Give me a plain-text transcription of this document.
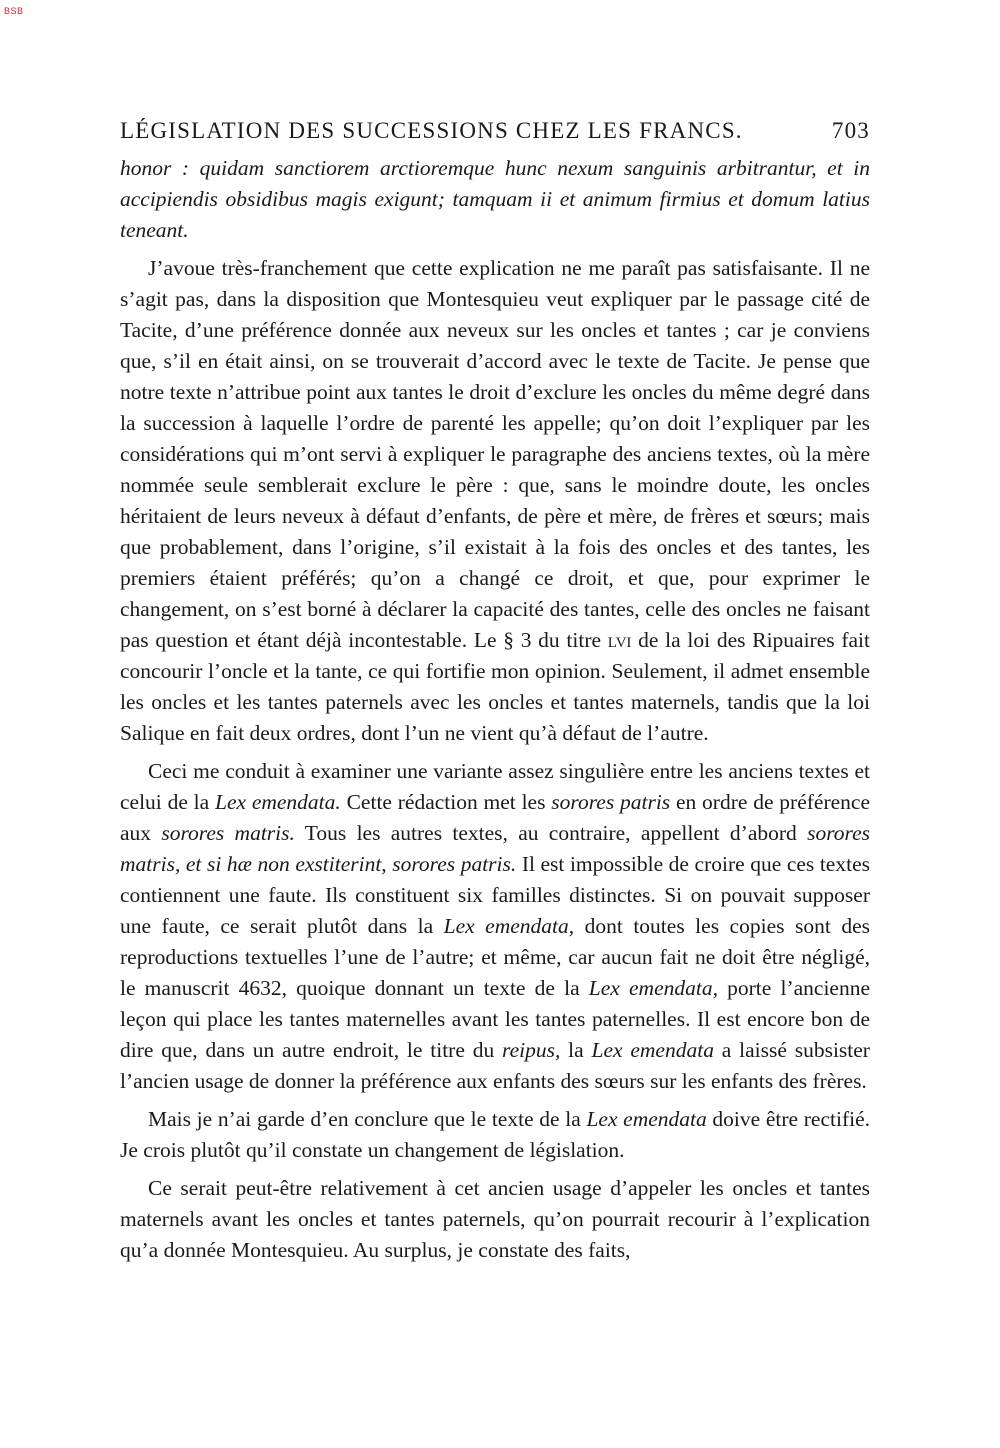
BSB
LÉGISLATION DES SUCCESSIONS CHEZ LES FRANCS.	703

honor : quidam sanctiorem arctioremque hunc nexum sanguinis arbitrantur, et in accipiendis obsidibus magis exigunt; tamquam ii et animum firmius et domum latius teneant.

J’avoue très-franchement que cette explication ne me paraît pas satisfaisante. Il ne s’agit pas, dans la disposition que Montesquieu veut expliquer par le passage cité de Tacite, d’une préférence donnée aux neveux sur les oncles et tantes ; car je conviens que, s’il en était ainsi, on se trouverait d’accord avec le texte de Tacite. Je pense que notre texte n’attribue point aux tantes le droit d’exclure les oncles du même degré dans la succession à laquelle l’ordre de parenté les appelle; qu’on doit l’expliquer par les considérations qui m’ont servi à expliquer le paragraphe des anciens textes, où la mère nommée seule semblerait exclure le père : que, sans le moindre doute, les oncles héritaient de leurs neveux à défaut d’enfants, de père et mère, de frères et sœurs; mais que probablement, dans l’origine, s’il existait à la fois des oncles et des tantes, les premiers étaient préférés; qu’on a changé ce droit, et que, pour exprimer le changement, on s’est borné à déclarer la capacité des tantes, celle des oncles ne faisant pas question et étant déjà incontestable. Le § 3 du titre lvi de la loi des Ripuaires fait concourir l’oncle et la tante, ce qui fortifie mon opinion. Seulement, il admet ensemble les oncles et les tantes paternels avec les oncles et tantes maternels, tandis que la loi Salique en fait deux ordres, dont l’un ne vient qu’à défaut de l’autre.

Ceci me conduit à examiner une variante assez singulière entre les anciens textes et celui de la Lex emendata. Cette rédaction met les sorores patris en ordre de préférence aux sorores matris. Tous les autres textes, au contraire, appellent d’abord sorores matris, et si hæ non exstiterint, sorores patris. Il est impossible de croire que ces textes contiennent une faute. Ils constituent six familles distinctes. Si on pouvait supposer une faute, ce serait plutôt dans la Lex emendata, dont toutes les copies sont des reproductions textuelles l’une de l’autre; et même, car aucun fait ne doit être négligé, le manuscrit 4632, quoique donnant un texte de la Lex emendata, porte l’ancienne leçon qui place les tantes maternelles avant les tantes paternelles. Il est encore bon de dire que, dans un autre endroit, le titre du reipus, la Lex emendata a laissé subsister l’ancien usage de donner la préférence aux enfants des sœurs sur les enfants des frères.

Mais je n’ai garde d’en conclure que le texte de la Lex emendata doive être rectifié. Je crois plutôt qu’il constate un changement de législation.

Ce serait peut-être relativement à cet ancien usage d’appeler les oncles et tantes maternels avant les oncles et tantes paternels, qu’on pourrait recourir à l’explication qu’a donnée Montesquieu. Au surplus, je constate des faits,
